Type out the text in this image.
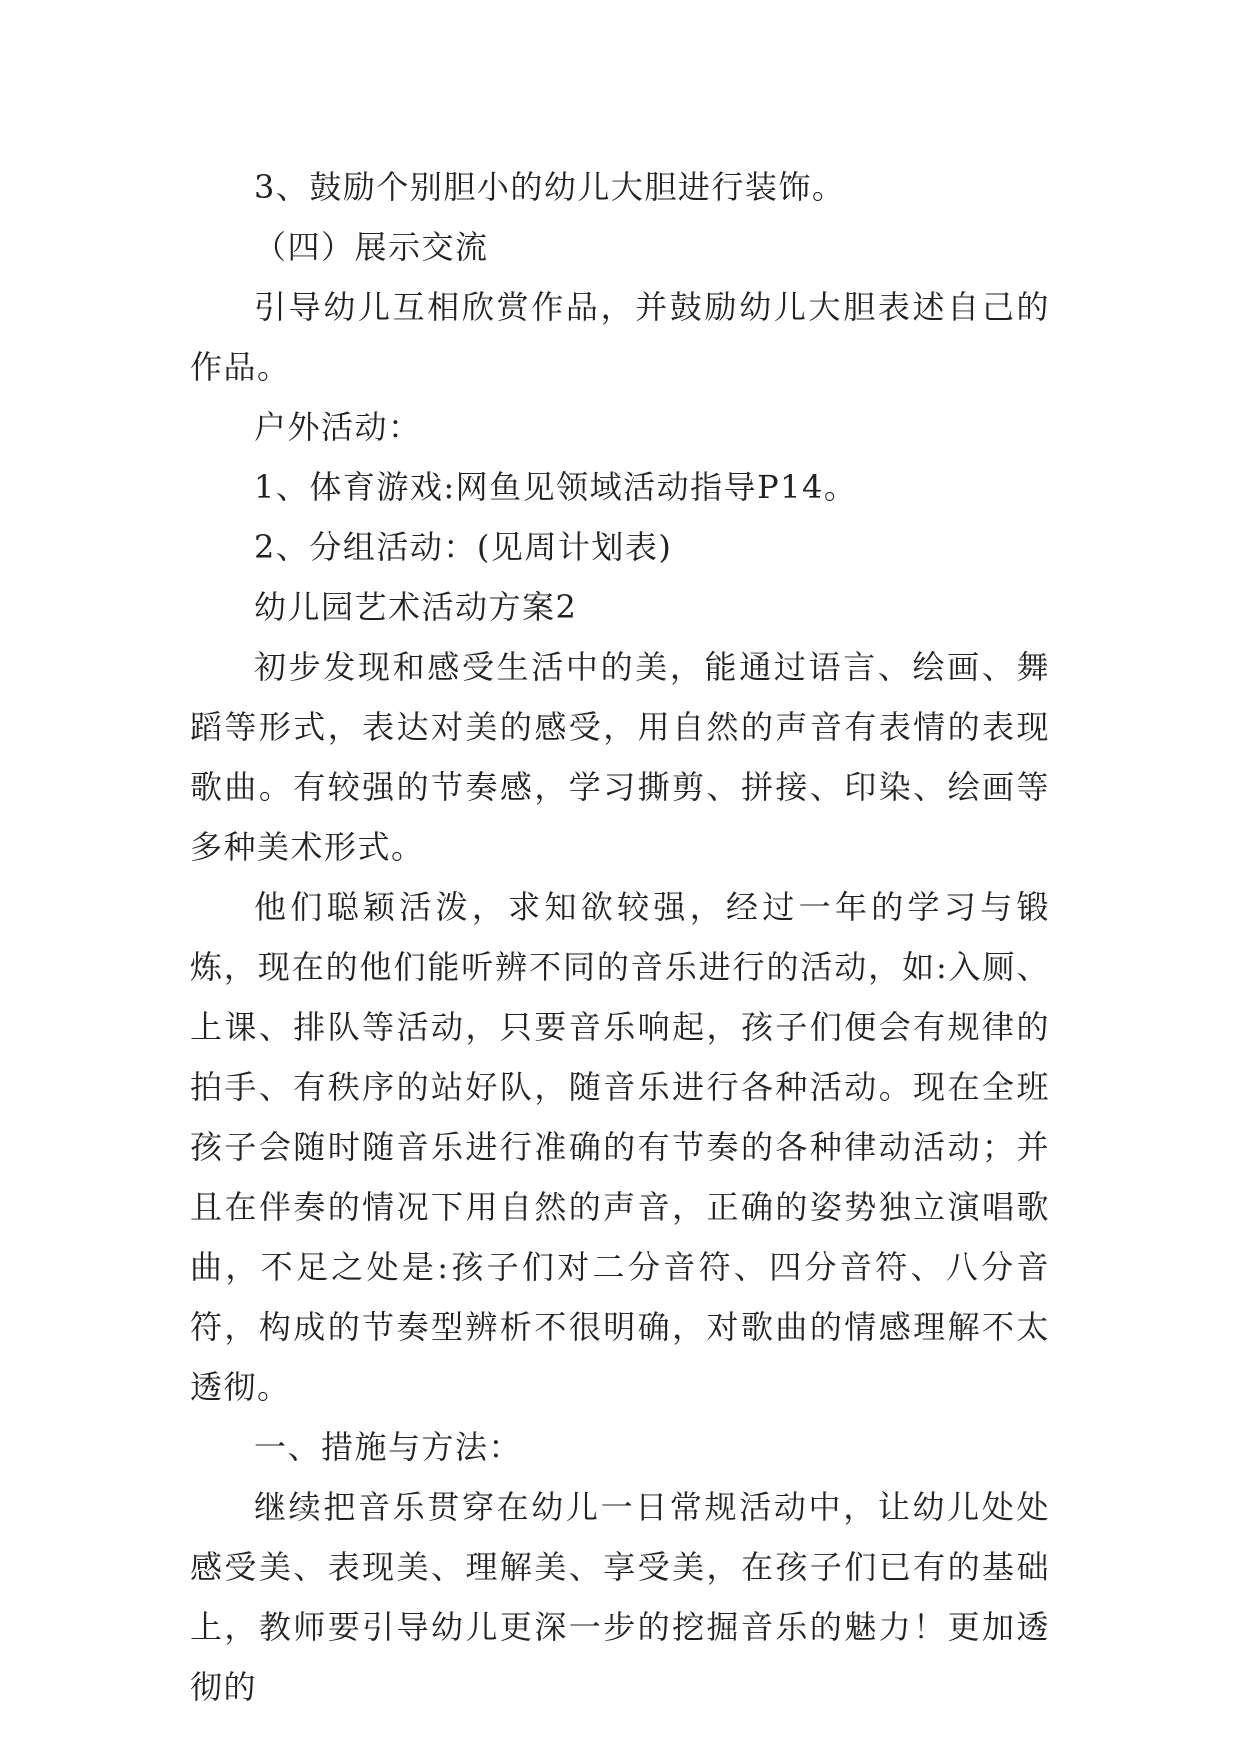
3、鼓励个别胆小的幼儿大胆进行装饰。

（四）展示交流

引导幼儿互相欣赏作品，并鼓励幼儿大胆表述自己的作品。

户外活动：

1、体育游戏:网鱼见领域活动指导P14。

2、分组活动：(见周计划表)

幼儿园艺术活动方案2

初步发现和感受生活中的美，能通过语言、绘画、舞蹈等形式，表达对美的感受，用自然的声音有表情的表现歌曲。有较强的节奏感，学习撕剪、拼接、印染、绘画等多种美术形式。

他们聪颖活泼，求知欲较强，经过一年的学习与锻炼，现在的他们能听辨不同的音乐进行的活动，如:入厕、上课、排队等活动，只要音乐响起，孩子们便会有规律的拍手、有秩序的站好队，随音乐进行各种活动。现在全班孩子会随时随音乐进行准确的有节奏的各种律动活动；并且在伴奏的情况下用自然的声音，正确的姿势独立演唱歌曲，不足之处是:孩子们对二分音符、四分音符、八分音符，构成的节奏型辨析不很明确，对歌曲的情感理解不太透彻。

一、措施与方法：

继续把音乐贯穿在幼儿一日常规活动中，让幼儿处处感受美、表现美、理解美、享受美，在孩子们已有的基础上，教师要引导幼儿更深一步的挖掘音乐的魅力！更加透彻的
